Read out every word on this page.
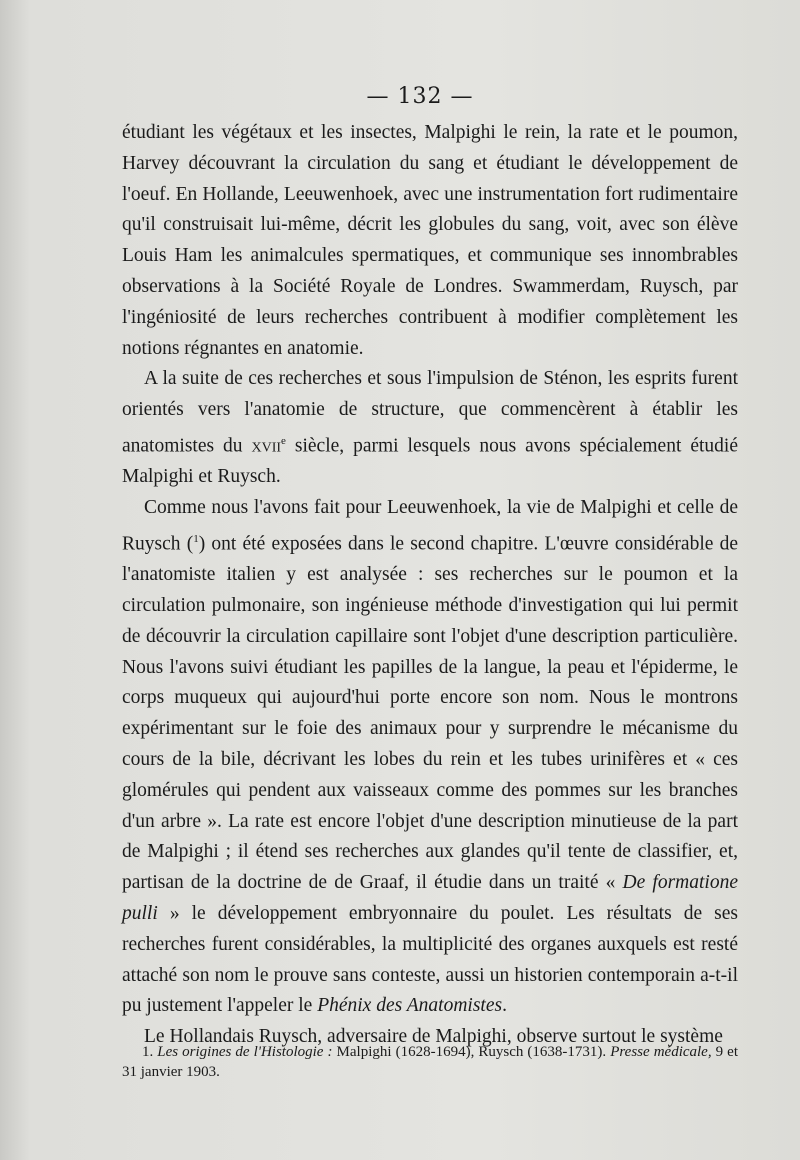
— 132 —

étudiant les végétaux et les insectes, Malpighi le rein, la rate et le poumon, Harvey découvrant la circulation du sang et étudiant le développement de l'oeuf. En Hollande, Leeuwenhoek, avec une instrumentation fort rudimentaire qu'il construisait lui-même, décrit les globules du sang, voit, avec son élève Louis Ham les animalcules spermatiques, et communique ses innombrables observations à la Société Royale de Londres. Swammerdam, Ruysch, par l'ingéniosité de leurs recherches contribuent à modifier complètement les notions régnantes en anatomie.

A la suite de ces recherches et sous l'impulsion de Sténon, les esprits furent orientés vers l'anatomie de structure, que commencèrent à établir les anatomistes du xvii$^e$ siècle, parmi lesquels nous avons spécialement étudié Malpighi et Ruysch.

Comme nous l'avons fait pour Leeuwenhoek, la vie de Malpighi et celle de Ruysch ($^1$) ont été exposées dans le second chapitre. L'œuvre considérable de l'anatomiste italien y est analysée : ses recherches sur le poumon et la circulation pulmonaire, son ingénieuse méthode d'investigation qui lui permit de découvrir la circulation capillaire sont l'objet d'une description particulière. Nous l'avons suivi étudiant les papilles de la langue, la peau et l'épiderme, le corps muqueux qui aujourd'hui porte encore son nom. Nous le montrons expérimentant sur le foie des animaux pour y surprendre le mécanisme du cours de la bile, décrivant les lobes du rein et les tubes urinifères et « ces glomérules qui pendent aux vaisseaux comme des pommes sur les branches d'un arbre ». La rate est encore l'objet d'une description minutieuse de la part de Malpighi ; il étend ses recherches aux glandes qu'il tente de classifier, et, partisan de la doctrine de de Graaf, il étudie dans un traité « De formatione pulli » le développement embryonnaire du poulet. Les résultats de ses recherches furent considérables, la multiplicité des organes auxquels est resté attaché son nom le prouve sans conteste, aussi un historien contemporain a-t-il pu justement l'appeler le Phénix des Anatomistes.

Le Hollandais Ruysch, adversaire de Malpighi, observe surtout le système

1. Les origines de l'Histologie : Malpighi (1628-1694), Ruysch (1638-1731). Presse médicale, 9 et 31 janvier 1903.
